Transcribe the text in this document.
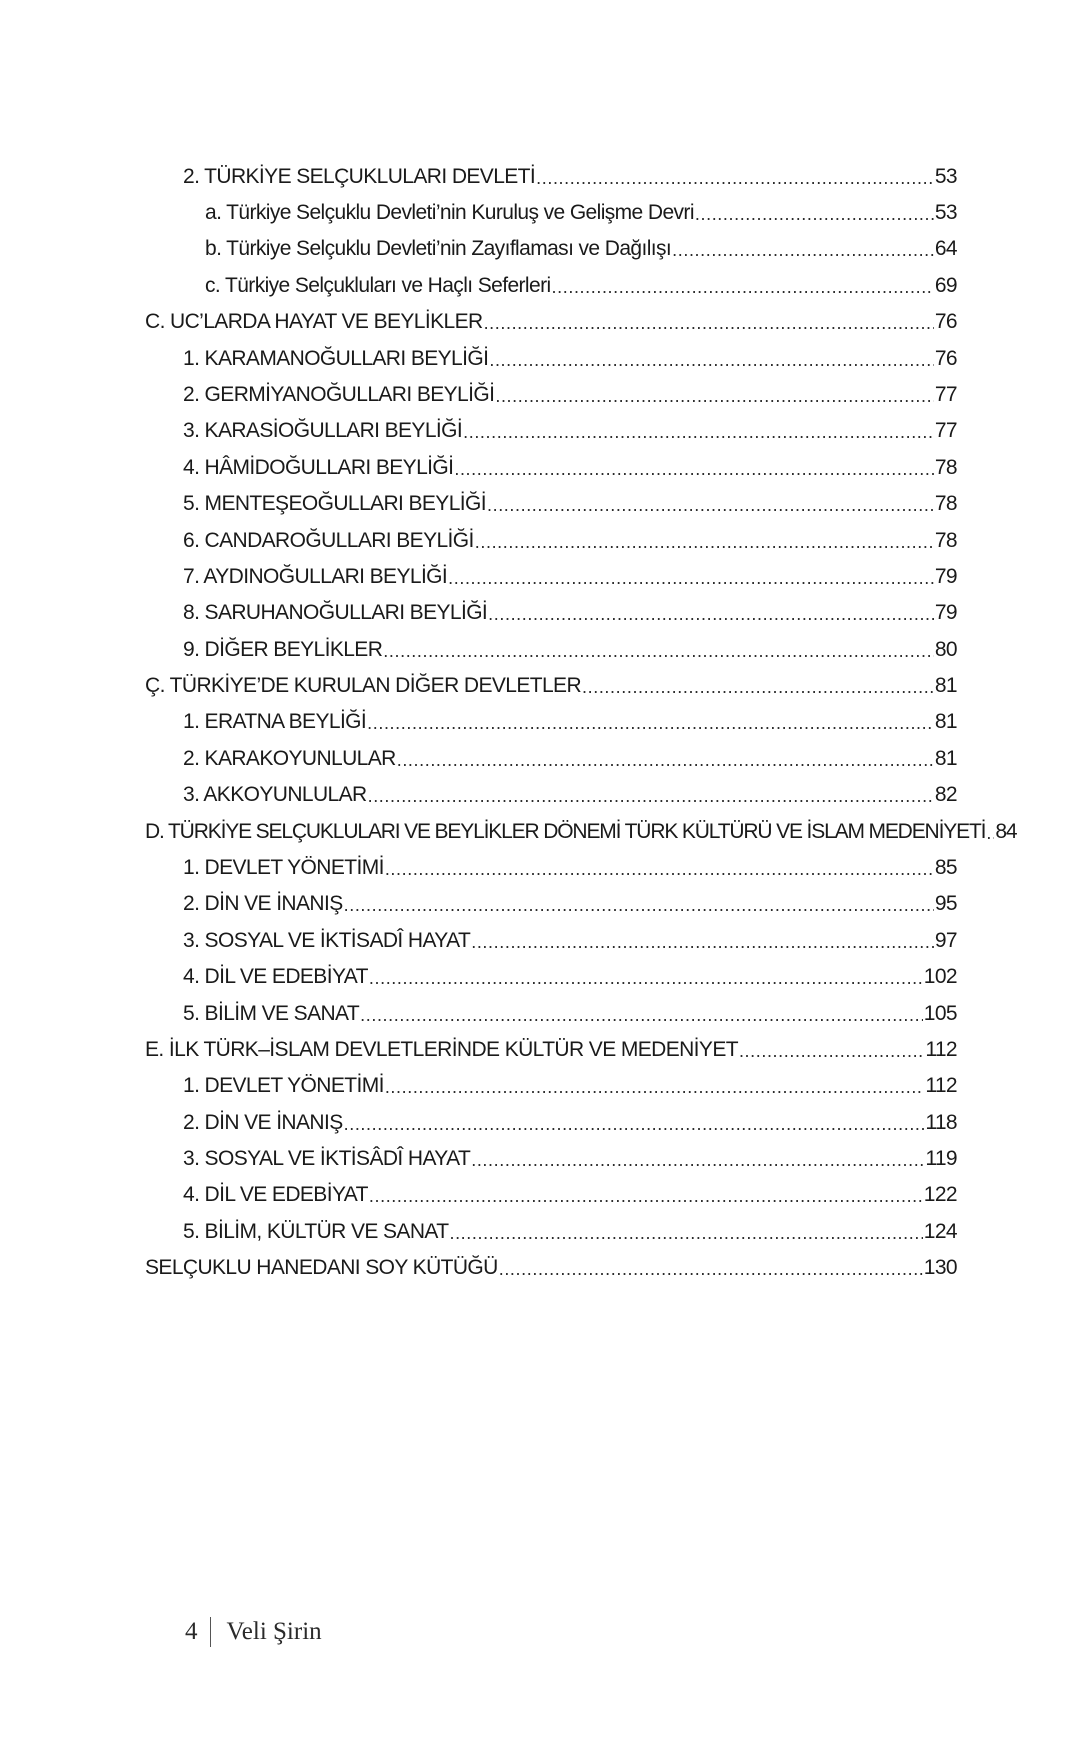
2. TÜRKİYE SELÇUKLULARI DEVLETİ .....	53
a. Türkiye Selçuklu Devleti’nin Kuruluş ve Gelişme Devri .....	53
b. Türkiye Selçuklu Devleti’nin Zayıflaması ve Dağılışı .....	64
c. Türkiye Selçukluları ve Haçlı Seferleri .....	69
C. UC’LARDA HAYAT VE BEYLİKLER .....	76
1. KARAMANOĞULLARI BEYLİĞİ .....	76
2. GERMİYANOĞULLARI BEYLİĞİ .....	77
3. KARASİOĞULLARI BEYLİĞİ .....	77
4. HÂMİDOĞULLARI BEYLİĞİ .....	78
5. MENTEŞEOĞULLARI BEYLİĞİ .....	78
6. CANDAROĞULLARI BEYLİĞİ .....	78
7. AYDINOĞULLARI BEYLİĞİ .....	79
8. SARUHANOĞULLARI BEYLİĞİ .....	79
9. DİĞER BEYLİKLER .....	80
Ç. TÜRKİYE’DE KURULAN DİĞER DEVLETLER .....	81
1. ERATNA BEYLİĞİ .....	81
2. KARAKOYUNLULAR .....	81
3. AKKOYUNLULAR .....	82
D. TÜRKİYE SELÇUKLULARI VE BEYLİKLER DÖNEMİ TÜRK KÜLTÜRÜ VE İSLAM MEDENİYETİ ..... 84
1. DEVLET YÖNETİMİ .....	85
2. DİN VE İNANIŞ .....	95
3. SOSYAL VE İKTİSADÎ HAYAT .....	97
4. DİL VE EDEBİYAT .....	102
5. BİLİM VE SANAT .....	105
E. İLK TÜRK–İSLAM DEVLETLERİNDE KÜLTÜR VE MEDENİYET .....	112
1. DEVLET YÖNETİMİ .....	112
2. DİN VE İNANIŞ .....	118
3. SOSYAL VE İKTİSÂDÎ HAYAT .....	119
4. DİL VE EDEBİYAT .....	122
5. BİLİM, KÜLTÜR VE SANAT .....	124
SELÇUKLU HANEDANI SOY KÜTÜĞÜ .....	130
4 Veli Şirin
